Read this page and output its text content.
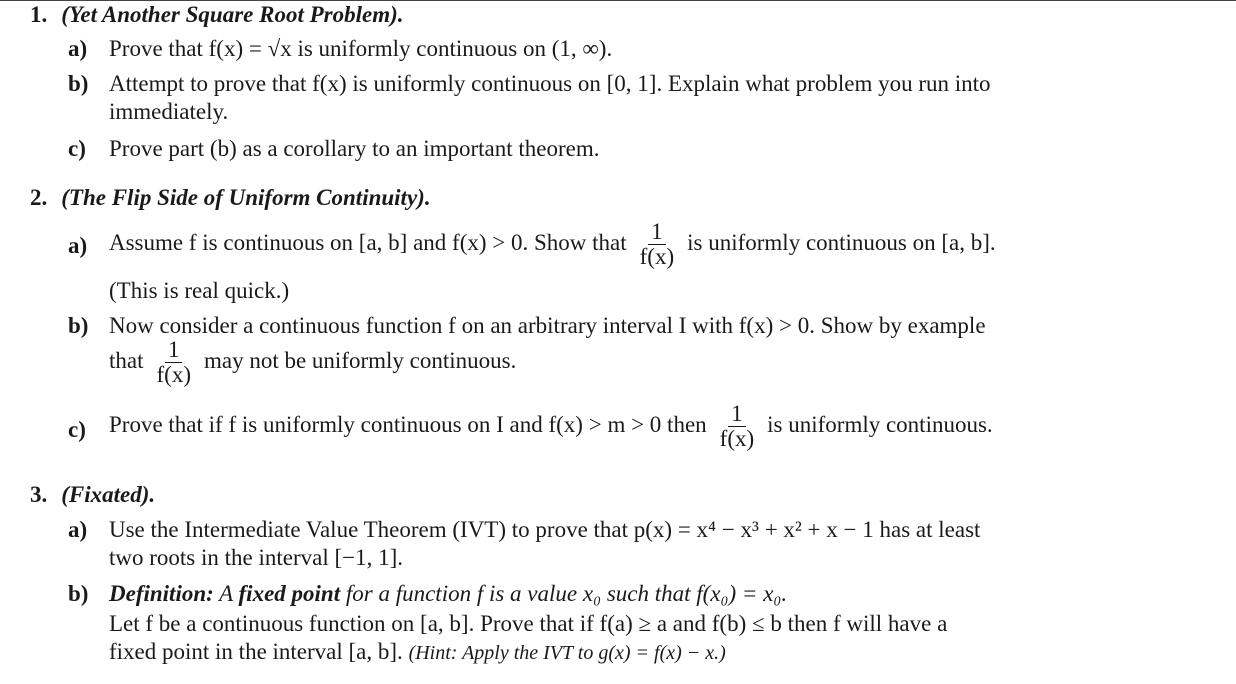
1. (Yet Another Square Root Problem).
a) Prove that f(x) = √x is uniformly continuous on (1, ∞).
b) Attempt to prove that f(x) is uniformly continuous on [0, 1]. Explain what problem you run into
immediately.
c) Prove part (b) as a corollary to an important theorem.
2. (The Flip Side of Uniform Continuity).
a) Assume f is continuous on [a, b] and f(x) > 0. Show that $\frac{1}{f(x)}$ is uniformly continuous on [a, b].
(This is real quick.)
b) Now consider a continuous function f on an arbitrary interval I with f(x) > 0. Show by example
that $\frac{1}{f(x)}$ may not be uniformly continuous.
c) Prove that if f is uniformly continuous on I and f(x) > m > 0 then $\frac{1}{f(x)}$ is uniformly continuous.
3. (Fixated).
a) Use the Intermediate Value Theorem (IVT) to prove that p(x) = x⁴ − x³ + x² + x − 1 has at least
two roots in the interval [−1, 1].
b) Definition: A fixed point for a function f is a value x₀ such that f(x₀) = x₀.
Let f be a continuous function on [a, b]. Prove that if f(a) ≥ a and f(b) ≤ b then f will have a
fixed point in the interval [a, b]. (Hint: Apply the IVT to g(x) = f(x) − x.)
